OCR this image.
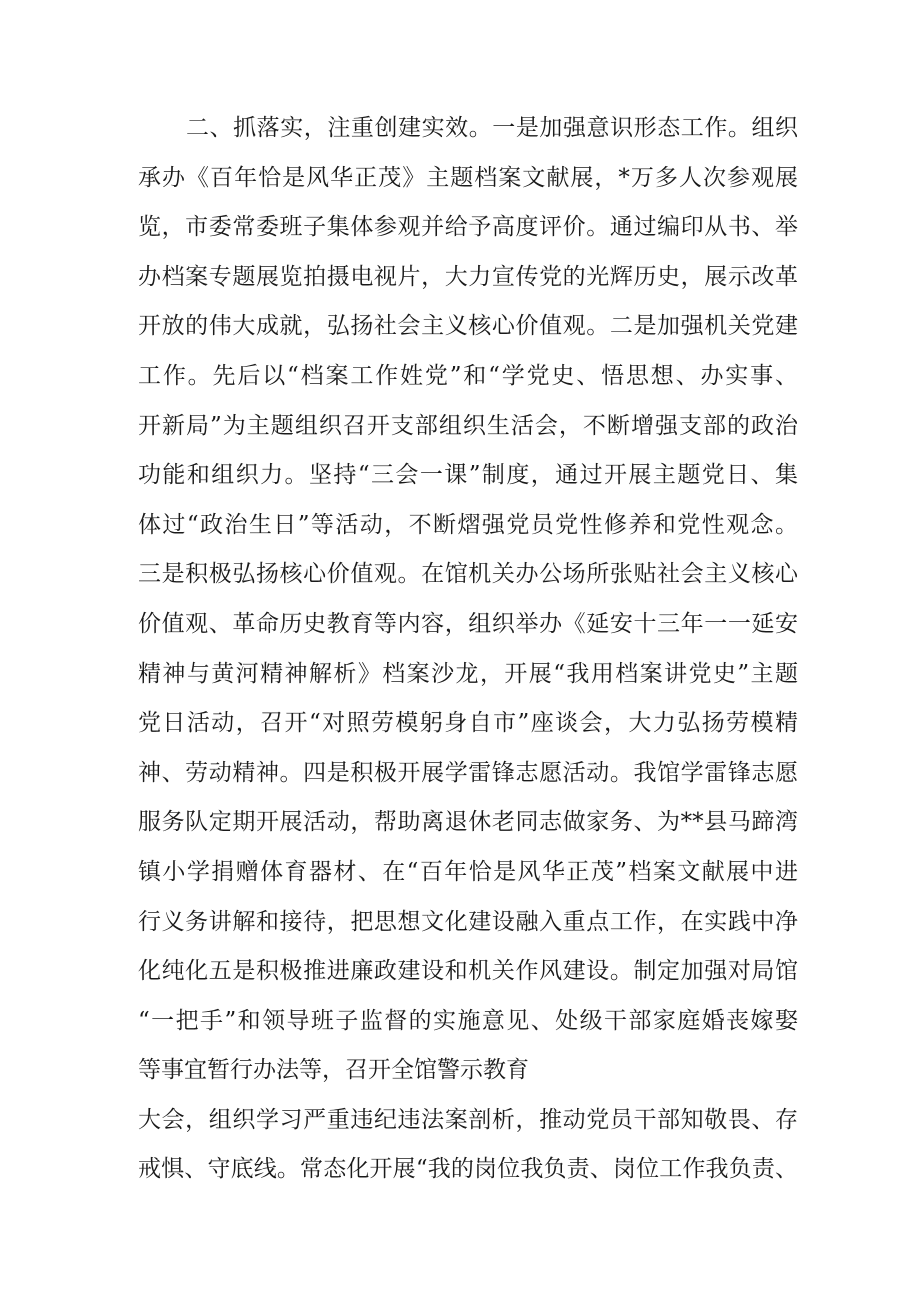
二、抓落实，注重创建实效。一是加强意识形态工作。组织
承办《百年恰是风华正茂》主题档案文献展，*万多人次参观展
览，市委常委班子集体参观并给予高度评价。通过编印从书、举
办档案专题展览拍摄电视片，大力宣传党的光辉历史，展示改革
开放的伟大成就，弘扬社会主义核心价值观。二是加强机关党建
工作。先后以“档案工作姓党”和“学党史、悟思想、办实事、
开新局”为主题组织召开支部组织生活会，不断增强支部的政治
功能和组织力。坚持“三会一课”制度，通过开展主题党日、集
体过“政治生日”等活动，不断熠强党员党性修养和党性观念。
三是积极弘扬核心价值观。在馆机关办公场所张贴社会主义核心
价值观、革命历史教育等内容，组织举办《延安十三年一一延安
精神与黄河精神解析》档案沙龙，开展“我用档案讲党史”主题
党日活动，召开“对照劳模躬身自市”座谈会，大力弘扬劳模精
神、劳动精神。四是积极开展学雷锋志愿活动。我馆学雷锋志愿
服务队定期开展活动，帮助离退休老同志做家务、为**县马蹄湾
镇小学捐赠体育器材、在“百年恰是风华正茂”档案文献展中进
行义务讲解和接待，把思想文化建设融入重点工作，在实践中净
化纯化五是积极推进廉政建设和机关作风建设。制定加强对局馆
“一把手”和领导班子监督的实施意见、处级干部家庭婚丧嫁娶
等事宜暂行办法等，召开全馆警示教育
大会，组织学习严重违纪违法案剖析，推动党员干部知敬畏、存
戒惧、守底线。常态化开展“我的岗位我负责、岗位工作我负责、
